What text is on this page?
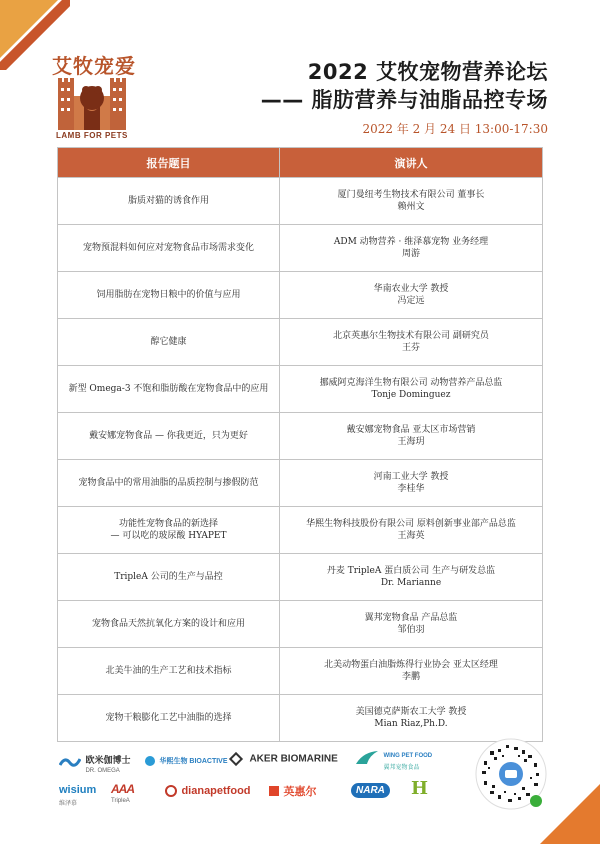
艾牧宠爱
LAMB FOR PETS
2022 艾牧宠物营养论坛
—— 脂肪营养与油脂品控专场
2022 年 2 月 24 日 13:00-17:30
报告题目	演讲人

脂质对猫的诱食作用	厦门曼纽考生物技术有限公司 董事长
赖州文

宠物预混料如何应对宠物食品市场需求变化	ADM 动物营养 · 维泽慕宠物 业务经理
周游

饲用脂肪在宠物日粮中的价值与应用	华南农业大学 教授
冯定远

醇它健康	北京英惠尔生物技术有限公司 副研究员
王芬

新型 Omega-3 不饱和脂肪酸在宠物食品中的应用	挪威阿克海洋生物有限公司 动物营养产品总监
Tonje Dominguez

戴安娜宠物食品 — 你我更近，只为更好	戴安娜宠物食品 亚太区市场营销
王海玥

宠物食品中的常用油脂的品质控制与掺假防范	河南工业大学 教授
李桂华

功能性宠物食品的新选择
— 可以吃的玻尿酸 HYAPET	华熙生物科技股份有限公司 原料创新事业部产品总监
王海英

TripleA 公司的生产与品控	丹麦 TripleA 蛋白质公司 生产与研发总监
Dr. Marianne

宠物食品天然抗氧化方案的设计和应用	翼邦宠物食品 产品总监
邹伯羽

北美牛油的生产工艺和技术指标	北美动物蛋白油脂炼得行业协会 亚太区经理
李鹏

宠物干粮膨化工艺中油脂的选择	美国德克萨斯农工大学 教授
Mian Riaz,Ph.D.
欧米伽博士
DR. OMEGA
华熙生物 BIOACTIVE	AKER BIOMARINE	WING PET FOOD
翼邦宠物食品
wisium
维泽慕
AAA
TripleA
dianapetfood	英惠尔	NARA H
